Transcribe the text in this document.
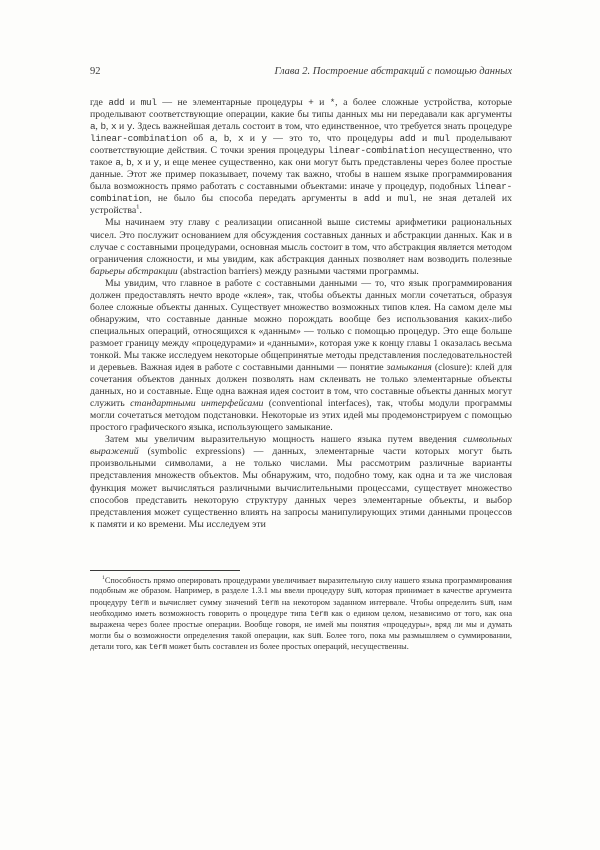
92	Глава 2. Построение абстракций с помощью данных

где add и mul — не элементарные процедуры + и *, а более сложные устройства, которые проделывают соответствующие операции, какие бы типы данных мы ни передавали как аргументы a, b, x и y. Здесь важнейшая деталь состоит в том, что единственное, что требуется знать процедуре linear-combination об a, b, x и y — это то, что процедуры add и mul проделывают соответствующие действия. С точки зрения процедуры linear-combination несущественно, что такое a, b, x и y, и еще менее существенно, как они могут быть представлены через более простые данные. Этот же пример показывает, почему так важно, чтобы в нашем языке программирования была возможность прямо работать с составными объектами: иначе у процедур, подобных linear-combination, не было бы способа передать аргументы в add и mul, не зная деталей их устройства$^1$.

Мы начинаем эту главу с реализации описанной выше системы арифметики рациональных чисел. Это послужит основанием для обсуждения составных данных и абстракции данных. Как и в случае с составными процедурами, основная мысль состоит в том, что абстракция является методом ограничения сложности, и мы увидим, как абстракция данных позволяет нам возводить полезные барьеры абстракции (abstraction barriers) между разными частями программы.

Мы увидим, что главное в работе с составными данными — то, что язык программирования должен предоставлять нечто вроде «клея», так, чтобы объекты данных могли сочетаться, образуя более сложные объекты данных. Существует множество возможных типов клея. На самом деле мы обнаружим, что составные данные можно порождать вообще без использования каких-либо специальных операций, относящихся к «данным» — только с помощью процедур. Это еще больше размоет границу между «процедурами» и «данными», которая уже к концу главы 1 оказалась весьма тонкой. Мы также исследуем некоторые общепринятые методы представления последовательностей и деревьев. Важная идея в работе с составными данными — понятие замыкания (closure): клей для сочетания объектов данных должен позволять нам склеивать не только элементарные объекты данных, но и составные. Еще одна важная идея состоит в том, что составные объекты данных могут служить стандартными интерфейсами (conventional interfaces), так, чтобы модули программы могли сочетаться методом подстановки. Некоторые из этих идей мы продемонстрируем с помощью простого графического языка, использующего замыкание.

Затем мы увеличим выразительную мощность нашего языка путем введения символьных выражений (symbolic expressions) — данных, элементарные части которых могут быть произвольными символами, а не только числами. Мы рассмотрим различные варианты представления множеств объектов. Мы обнаружим, что, подобно тому, как одна и та же числовая функция может вычисляться различными вычислительными процессами, существует множество способов представить некоторую структуру данных через элементарные объекты, и выбор представления может существенно влиять на запросы манипулирующих этими данными процессов к памяти и ко времени. Мы исследуем эти

$^1$Способность прямо оперировать процедурами увеличивает выразительную силу нашего языка программирования подобным же образом. Например, в разделе 1.3.1 мы ввели процедуру sum, которая принимает в качестве аргумента процедуру term и вычисляет сумму значений term на некотором заданном интервале. Чтобы определить sum, нам необходимо иметь возможность говорить о процедуре типа term как о едином целом, независимо от того, как она выражена через более простые операции. Вообще говоря, не имей мы понятия «процедуры», вряд ли мы и думать могли бы о возможности определения такой операции, как sum. Более того, пока мы размышляем о суммировании, детали того, как term может быть составлен из более простых операций, несущественны.
